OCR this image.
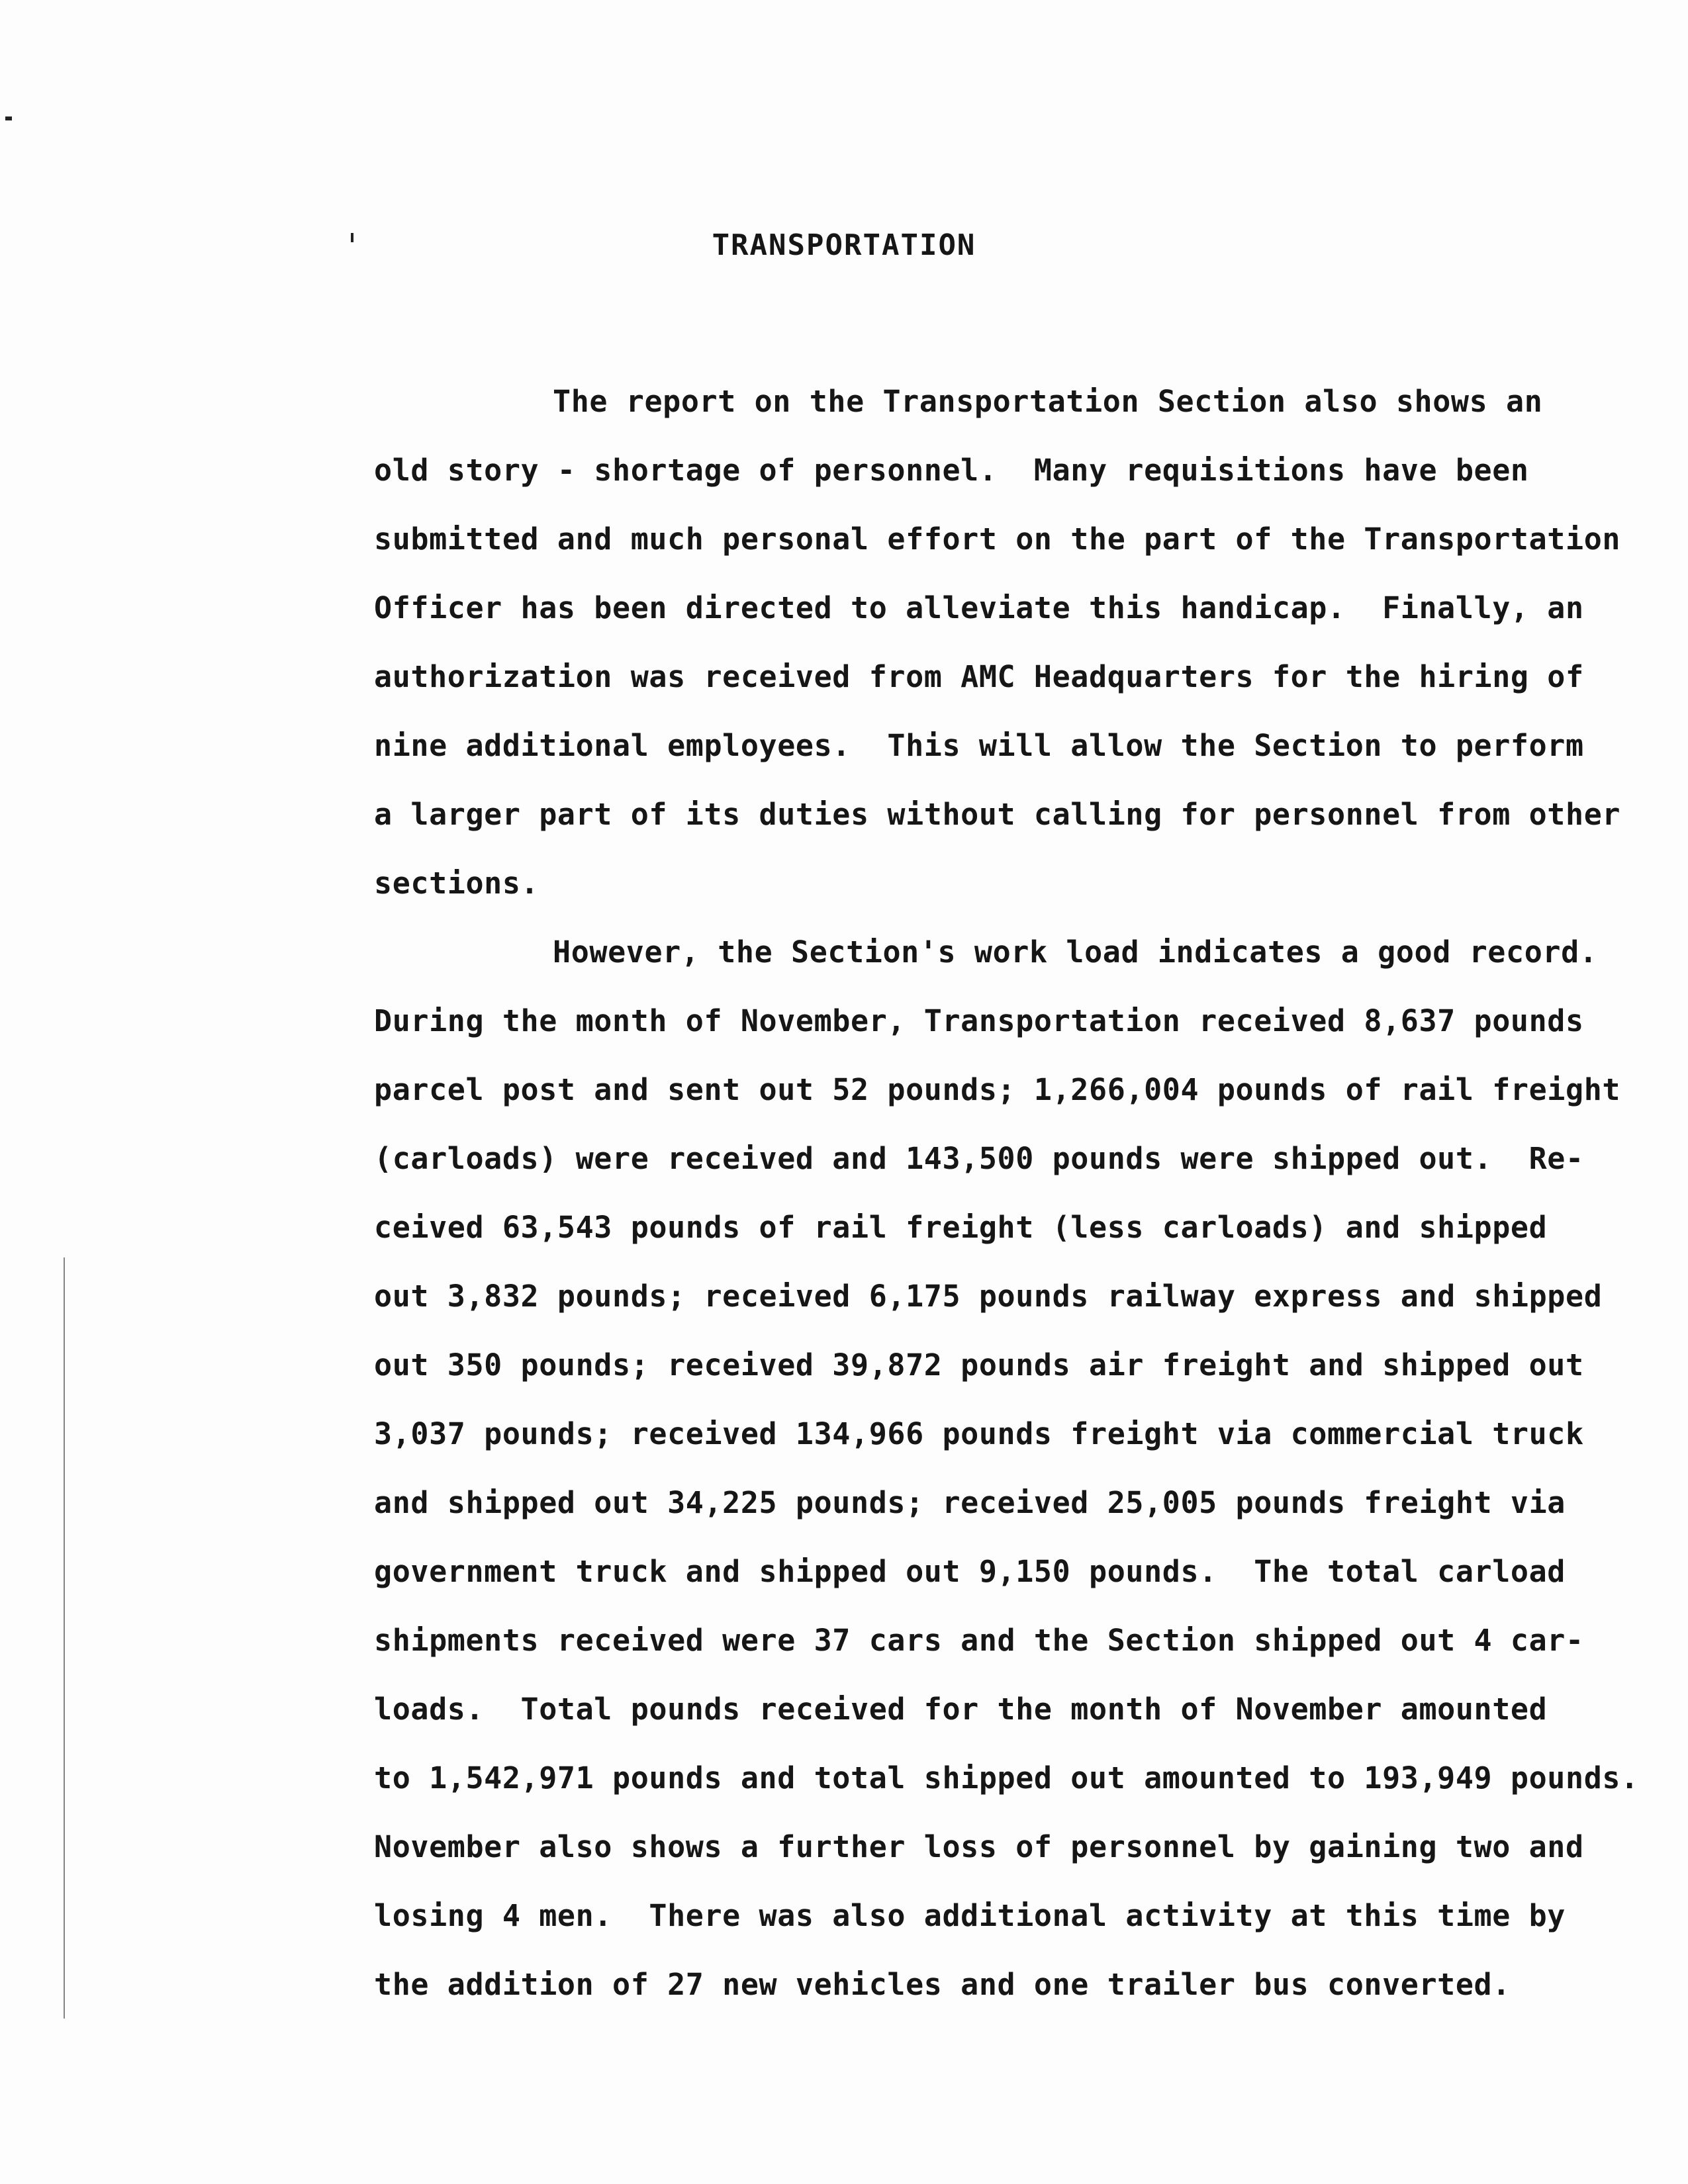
TRANSPORTATION
The report on the Transportation Section also shows an
old story - shortage of personnel.  Many requisitions have been
submitted and much personal effort on the part of the Transportation
Officer has been directed to alleviate this handicap.  Finally, an
authorization was received from AMC Headquarters for the hiring of
nine additional employees.  This will allow the Section to perform
a larger part of its duties without calling for personnel from other
sections.
However, the Section's work load indicates a good record.
During the month of November, Transportation received 8,637 pounds
parcel post and sent out 52 pounds; 1,266,004 pounds of rail freight
(carloads) were received and 143,500 pounds were shipped out.  Re-
ceived 63,543 pounds of rail freight (less carloads) and shipped
out 3,832 pounds; received 6,175 pounds railway express and shipped
out 350 pounds; received 39,872 pounds air freight and shipped out
3,037 pounds; received 134,966 pounds freight via commercial truck
and shipped out 34,225 pounds; received 25,005 pounds freight via
government truck and shipped out 9,150 pounds.  The total carload
shipments received were 37 cars and the Section shipped out 4 car-
loads.  Total pounds received for the month of November amounted
to 1,542,971 pounds and total shipped out amounted to 193,949 pounds.
November also shows a further loss of personnel by gaining two and
losing 4 men.  There was also additional activity at this time by
the addition of 27 new vehicles and one trailer bus converted.
